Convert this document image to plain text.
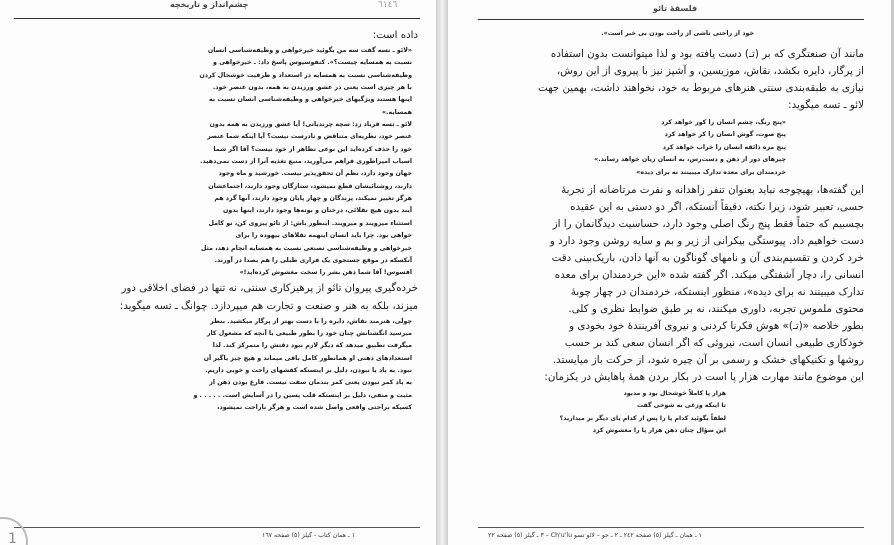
چشم‌انداز و تاریخچه	٦١٤٦

داده است:

«لائو ـ تسه گفت سه من بگوئید خیرخواهی و وظیفه‌شناسی انسان
نسبت به همسایه چیست؟». کنفوسیوس پاسخ داد: ـ خیرخواهی و
وظیفه‌شناسی نسبت به همسایه در استعداد و ظرفیت خوشحال کردن
با هر چیزی است یعنی در عشق ورزیدن به همه، بدون عنصر خود.
اینها هستند ویژگیهای خیرخواهی و وظیفه‌شناسی انسان نسبت به
همسایه.»
لائو ـ تسه فریاد زد: سچه چرندیاتی! آیا عشق ورزیدن به همه بدون
عنصر خود، نظریه‌ای متناقض و نادرست نیست؟ آیا اینکه شما عنصر
خود را حذف کرده‌اید این نوعی تظاهر از خود نیست؟ آقا اگر شما
اسباب امپراطوری فراهم می‌آورید، منبع تغذیه آنرا از دست نمی‌دهید.
جهان وجود دارد، نظم آن تحقق‌پذیر نیست. خورشید و ماه وجود
دارند، روشنائیشان قطع نمیشود، ستارگان وجود دارند، اجتماعشان
هرگز تغییر نمیکند، پرندگان و چهار پایان وجود دارند، آنها گرد هم
آیند بدون هیچ تقلائی، درختان و بوته‌ها وجود دارند، اینها بدون
استثناء میرویند و میرویند. اینطور باش: از تائو پیروی کن، تو کامل
خواهی بود. چرا باید انسان اینهمه تقلاهای بیهوده را برای
خیرخواهی و وظیفه‌شناسی تصنعی نسبت به همسایه انجام دهد، مثل
آنکسکه در موقع جستجوی یک فراری طبلی را هم بصدا در آورند.
افسوس! آقا شما ذهن بشر را سخت مغشوش کرده‌اید!»
خرده‌گیری پیروان تائو از پرهیزکاری سنتی، نه تنها در فضای اخلاقی دور
میزند، بلکه به هنر و صنعت و تجارت هم میپردازد. چوانگ ـ تسه میگوید:
چولی، هنرمند نقاش، دایره را با دست بهتر از پرگار میکشید. بنظر
میرسید انگشتانش چنان خود را بطور طبیعی با آنچه که مشغول کار
میگرفت تطبیق میدهد که دیگر لازم نبود دقتش را متمرکز کند. لذا
استعدادهای ذهنی او همانطور کامل باقی میماند و هیچ چیز یاگیر آن
نبود. به پاد یا نبودن، دلیل بر اینستکه کفشهای راحت و خوبی داریم.
به یاد کمر نبودن یعنی کمر بندمان سفت نیست. فارغ بودن ذهن از
مثبت و منفی، دلیل بر اینستکه قلب پسین را در آسایش است. . . . . . و
کسیکه براحتی واقعی واصل شده است و هرگز ناراحت نمیشود،
١ ـ همان کتاب - گیلز (٥) صفحه ١٦٧
1
فلسفهٔ تائو

خود از راحتی ناشی از راحت بودن بی خبر است».

مانند آن صنعتگری که بر (تـ) دست یافته بود و لذا میتوانست بدون استفاده
از پرگار، دایره بکشد، نقاش، موزیسین، و آشپز نیز با پیروی از این روش،
نیازی به طبقه‌بندی سنتی هنرهای مربوط به خود، نخواهند داشت، بهمین جهت
لائو ـ تسه میگوید:
«پنج رنگ، چشم انسان را کور خواهد کرد
پنج صوت، گوش انسان را کر خواهد کرد
پنج مزه ذائقه انسان را خراب خواهد کرد
چیزهای دور از ذهن و دست‌رس، به انسان زیان خواهد رساند.»
خردمندان برای معده تدارک میبینند نه برای دیده»
این گفته‌ها، بهیچوجه نباید بعنوان تنفر زاهدانه و نفرت مرتاضانه از تجربهٔ
حسی، تعبیر شود، زیرا نکته، دقیقاً آنستکه، اگر دو دستی به این عقیده
بچسبیم که حتماً فقط پنج رنگ اصلی وجود دارد، حساسیت دیدگانمان را از
دست خواهیم داد. پیوستگی بیکرانی از زیر و بم و سایه روشن وجود دارد و
خرد کردن و تقسیم‌بندی آن و نامهای گوناگون به آنها دادن، باریک‌بینی دقت
انسانی را، دچار آشفتگی میکند. اگر گفته شده «این خردمندان برای معده
تدارک میبینند نه برای دیده»، منظور اینستکه، خردمندان در چهار چوبهٔ
محتوی ملموس تجربه، داوری میکنند، نه بر طبق ضوابط نظری و کلی.
بطور خلاصه «(تـ)» هوش فکرنا کردنی و نیروی آفرینندهٔ خود بخودی و
خودکاری طبیعی انسان است، نیروئی که اگر انسان سعی کند بر حسب
روشها و تکنیکهای خشک و رسمی بر آن چیره شود، از حرکت باز میایستد.
این موضوع مانند مهارت هزار پا است در بکار بردن همهٔ پاهایش در یکزمان:
هزار پا کاملاً خوشحال بود و مدبود
تا اینکه وزغی به شوخی گفت
لطفاً بگوئید کدام پا را پس از کدام پای دیگر بر میدارید؟
این سؤال چنان ذهن هزار پا را مغشوش کرد
١ ـ همان ـ گیلز (٥) صفحه ٢٤٢ ـ ٢ ـ جو – لائو تسو Ch'u'lu – ٣ ـ گیلز (٥) صفحه ٢٢
